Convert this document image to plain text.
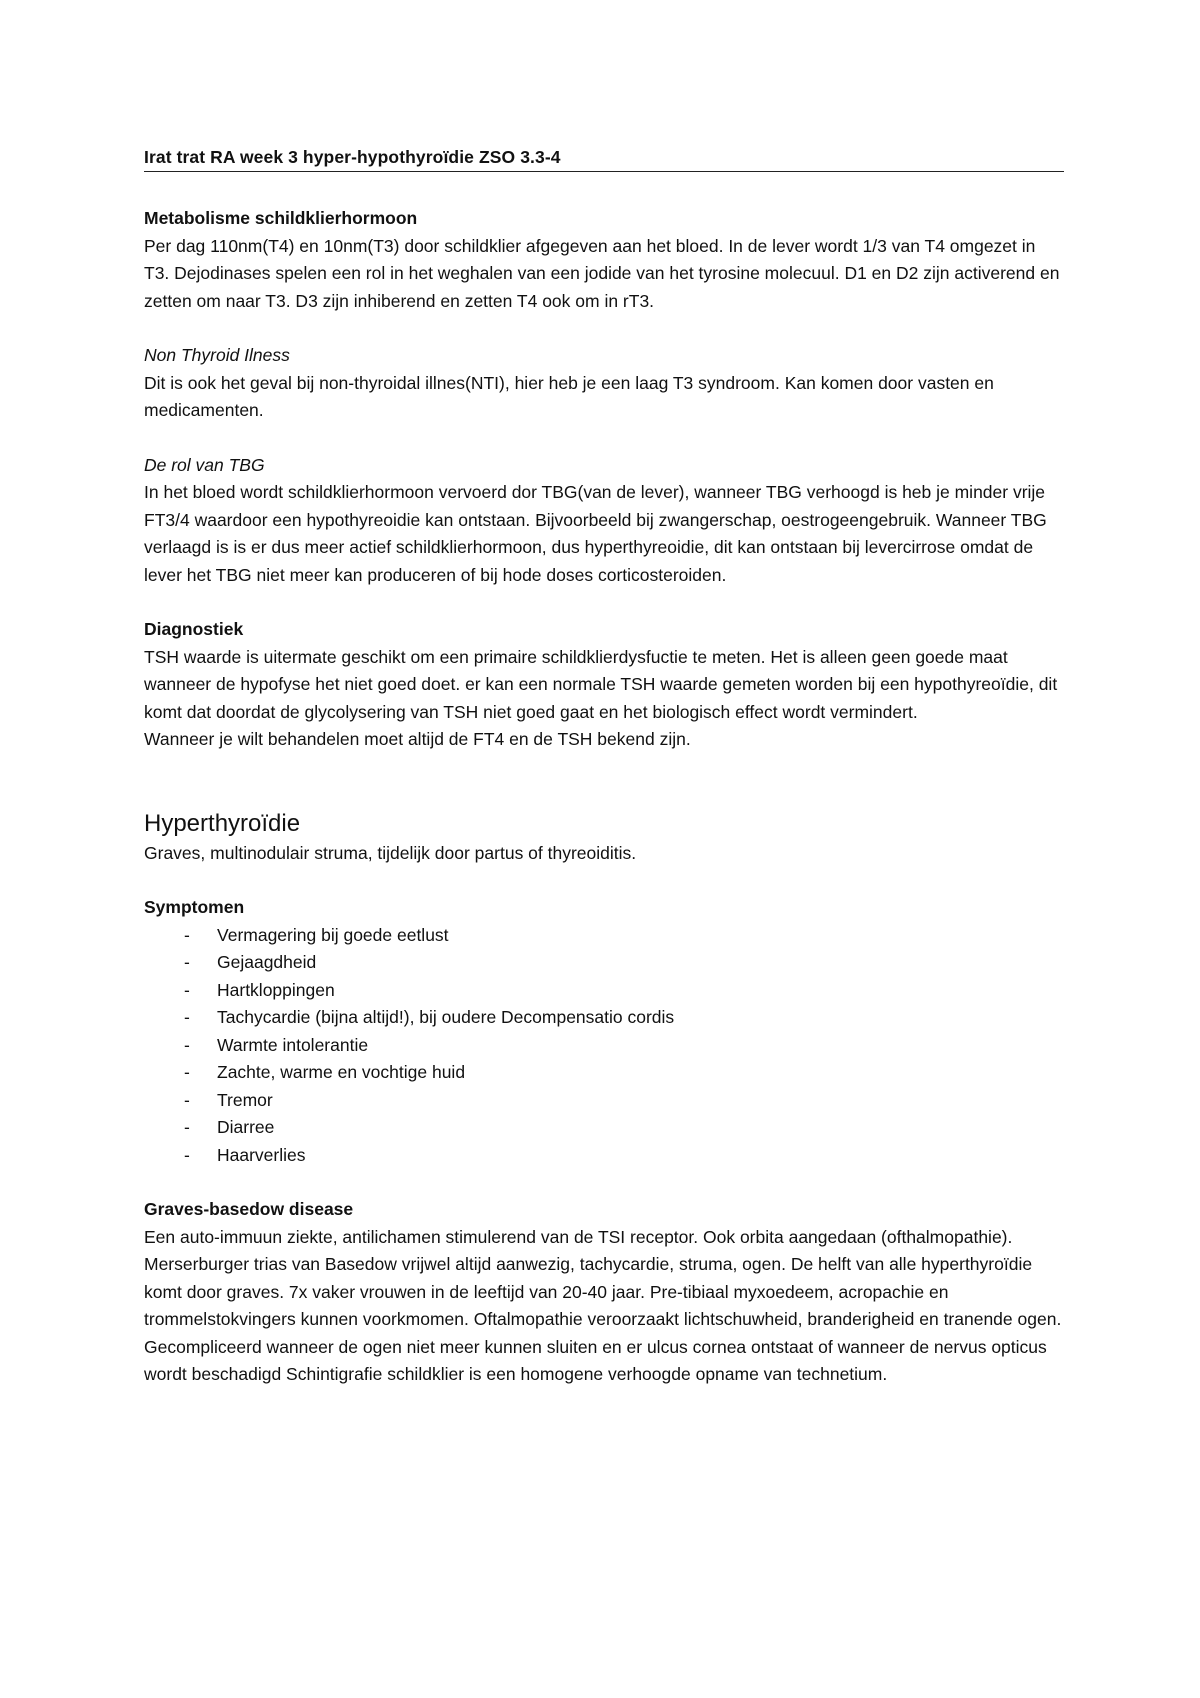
Irat trat RA week 3 hyper-hypothyroïdie ZSO 3.3-4
Metabolisme schildklierhormoon
Per dag 110nm(T4) en 10nm(T3) door schildklier afgegeven aan het bloed. In de lever wordt 1/3 van T4 omgezet in T3. Dejodinases spelen een rol in het weghalen van een jodide van het tyrosine molecuul. D1 en D2 zijn activerend en zetten om naar T3. D3 zijn inhiberend en zetten T4 ook om in rT3.
Non Thyroid Ilness
Dit is ook het geval bij non-thyroidal illnes(NTI), hier heb je een laag T3 syndroom. Kan komen door vasten en medicamenten.
De rol van TBG
In het bloed wordt schildklierhormoon vervoerd dor TBG(van de lever), wanneer TBG verhoogd is heb je minder vrije FT3/4 waardoor een hypothyreoidie kan ontstaan. Bijvoorbeeld bij zwangerschap, oestrogeengebruik. Wanneer TBG verlaagd is is er dus meer actief schildklierhormoon, dus hyperthyreoidie, dit kan ontstaan bij levercirrose omdat de lever het TBG niet meer kan produceren of bij hode doses corticosteroiden.
Diagnostiek
TSH waarde is uitermate geschikt om een primaire schildklierdysfuctie te meten. Het is alleen geen goede maat wanneer de hypofyse het niet goed doet. er kan een normale TSH waarde gemeten worden bij een hypothyreoïdie, dit komt dat doordat de glycolysering van TSH niet goed gaat en het biologisch effect wordt vermindert.
Wanneer je wilt behandelen moet altijd de FT4 en de TSH bekend zijn.
Hyperthyroïdie
Graves, multinodulair struma, tijdelijk door partus of thyreoiditis.
Symptomen
- Vermagering bij goede eetlust
- Gejaagdheid
- Hartkloppingen
- Tachycardie (bijna altijd!), bij oudere Decompensatio cordis
- Warmte intolerantie
- Zachte, warme en vochtige huid
- Tremor
- Diarree
- Haarverlies
Graves-basedow disease
Een auto-immuun ziekte, antilichamen stimulerend van de TSI receptor. Ook orbita aangedaan (ofthalmopathie). Merserburger trias van Basedow vrijwel altijd aanwezig, tachycardie, struma, ogen. De helft van alle hyperthyroïdie komt door graves. 7x vaker vrouwen in de leeftijd van 20-40 jaar. Pre-tibiaal myxoedeem, acropachie en trommelstokvingers kunnen voorkmomen. Oftalmopathie veroorzaakt lichtschuwheid, branderigheid en tranende ogen. Gecompliceerd wanneer de ogen niet meer kunnen sluiten en er ulcus cornea ontstaat of wanneer de nervus opticus wordt beschadigd Schintigrafie schildklier is een homogene verhoogde opname van technetium.
